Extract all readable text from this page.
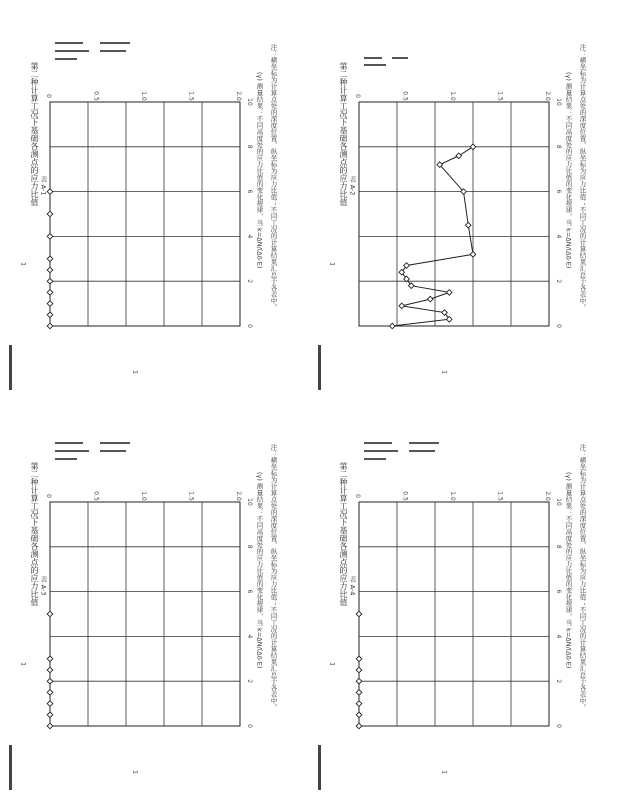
1
1
第二种计算工况下基础各测点的应力比值 表 A-1	(γ) 测量结果：不同高度处的应力比值的变化规律，当 k=ΔN/(Δδ·E) 注：横坐标为计算点处的深度位置，纵坐标为应力比值；不同工况的计算结果汇总于各表中。
0	0.5	1.0	1.5	2.0
0
2
4
6
8
10
1
1
第二种计算工况下基础各测点的应力比值 表 A-2	(γ) 测量结果：不同高度处的应力比值的变化规律，当 k=ΔN/(Δδ·E) 注：横坐标为计算点处的深度位置，纵坐标为应力比值；不同工况的计算结果汇总于各表中。
0	0.5	1.0	1.5	2.0
0
2
4
6
8
10
1
1
第二种计算工况下基础各测点的应力比值 表 A-3	(γ) 测量结果：不同高度处的应力比值的变化规律，当 k=ΔN/(Δδ·E) 注：横坐标为计算点处的深度位置，纵坐标为应力比值；不同工况的计算结果汇总于各表中。
0	0.5	1.0	1.5	2.0
0
2
4
6
8
10
1
1
第二种计算工况下基础各测点的应力比值 表 A-4	(γ) 测量结果：不同高度处的应力比值的变化规律，当 k=ΔN/(Δδ·E) 注：横坐标为计算点处的深度位置，纵坐标为应力比值；不同工况的计算结果汇总于各表中。
0	0.5	1.0	1.5	2.0
0
2
4
6
8
10
